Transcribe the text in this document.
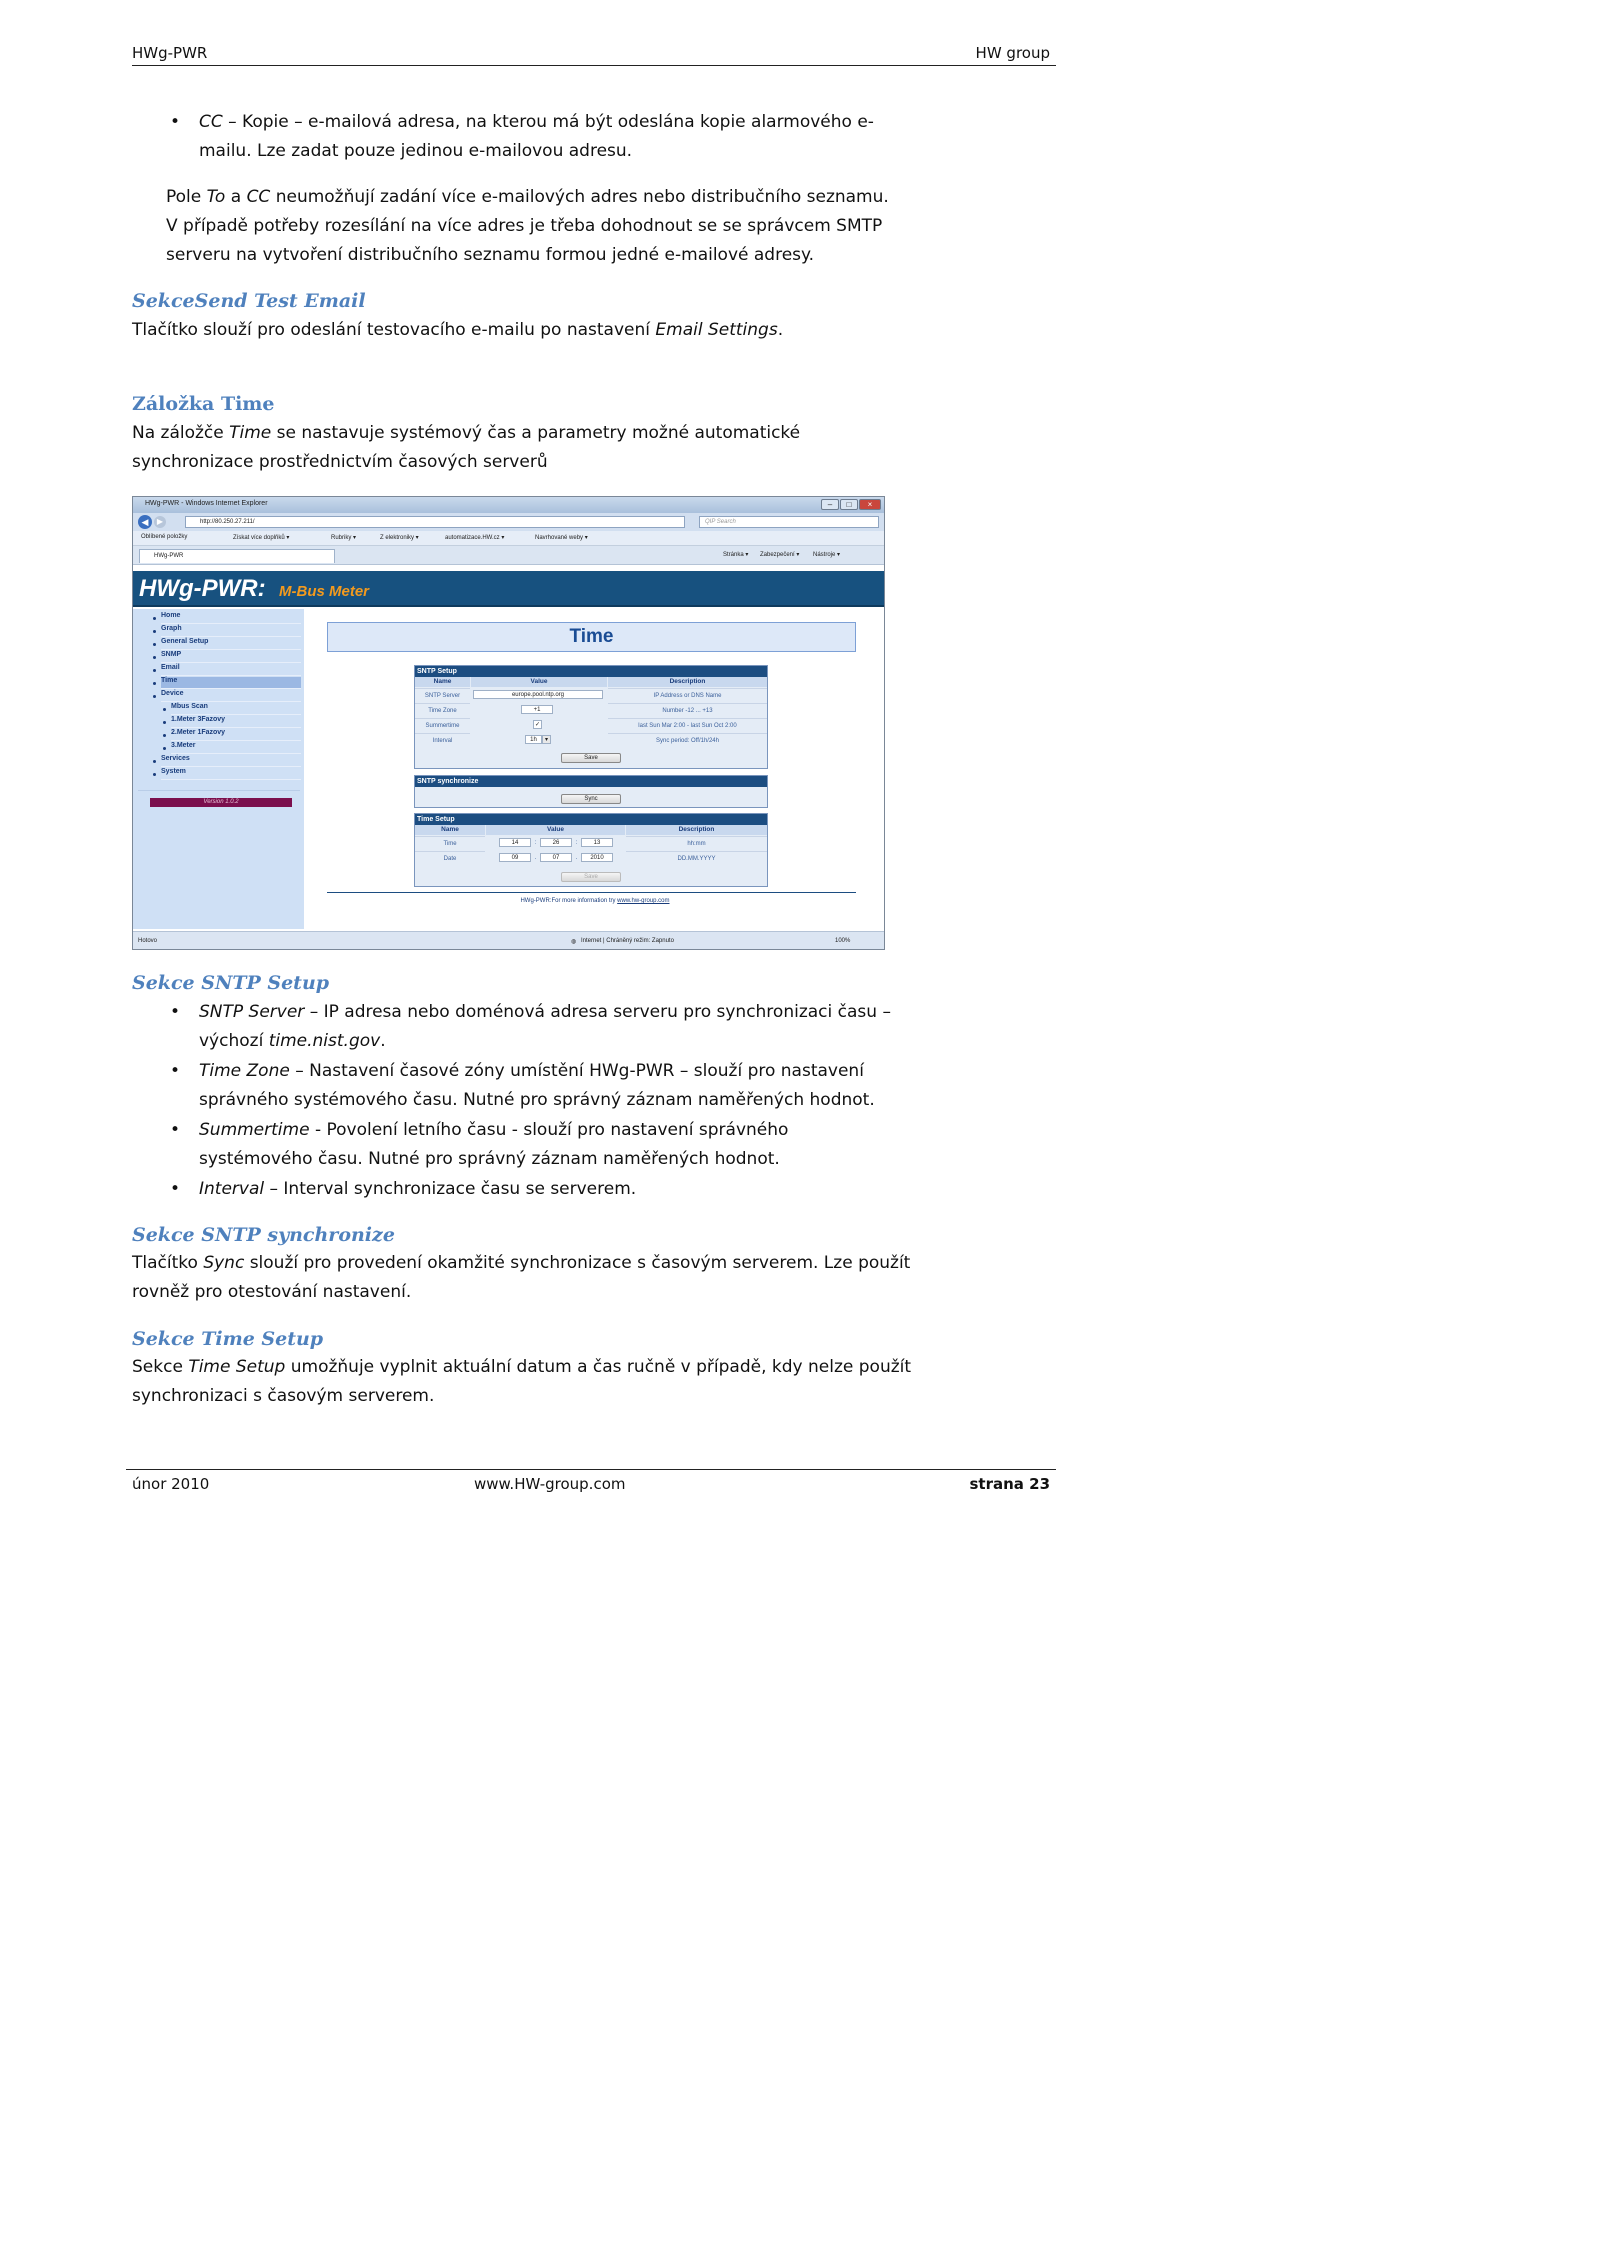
HWg-PWR	HW group
• CC – Kopie – e-mailová adresa, na kterou má být odeslána kopie alarmového e-
mailu. Lze zadat pouze jedinou e-mailovou adresu.
Pole To a CC neumožňují zadání více e-mailových adres nebo distribučního seznamu.
V případě potřeby rozesílání na více adres je třeba dohodnout se se správcem SMTP
serveru na vytvoření distribučního seznamu formou jedné e-mailové adresy.
SekceSend Test Email
Tlačítko slouží pro odeslání testovacího e-mailu po nastavení Email Settings.
Záložka Time
Na záložče Time se nastavuje systémový čas a parametry možné automatické
synchronizace prostřednictvím časových serverů
HWg-PWR - Windows Internet Explorer	–	□	×
◀	▶	http://80.250.27.211/	QIP Search
Oblíbené položky	Získat více doplňků ▾	Rubriky ▾	Z elektroniky ▾	automatizace.HW.cz ▾	Navrhované weby ▾
HWg-PWR	Stránka ▾ Zabezpečení ▾ Nástroje ▾
HWg-PWR: M-Bus Meter
Home
Graph
General Setup
SNMP
Email
Time
Device
Mbus Scan
1.Meter 3Fazovy
2.Meter 1Fazovy
3.Meter
Services
System
Version 1.0.2
Time
SNTP Setup
Name	Value	Description
SNTP Server	europe.pool.ntp.org	IP Address or DNS Name
Time Zone	+1	Number -12 ... +13
Summertime	✓	last Sun Mar 2:00 - last Sun Oct 2:00
Interval	1h	▾	Sync period: Off/1h/24h
Save
SNTP synchronize
Sync
Time Setup
Name	Value	Description
Time	14	:	26	:	13	hh:mm
Date	09	.	07	.	2010	DD.MM.YYYY
Save
HWg-PWR:For more information try www.hw-group.com
Hotovo	◍ Internet | Chráněný režim: Zapnuto	100%
Sekce SNTP Setup
• SNTP Server – IP adresa nebo doménová adresa serveru pro synchronizaci času –
výchozí time.nist.gov.
• Time Zone – Nastavení časové zóny umístění HWg-PWR – slouží pro nastavení
správného systémového času. Nutné pro správný záznam naměřených hodnot.
• Summertime - Povolení letního času - slouží pro nastavení správného
systémového času. Nutné pro správný záznam naměřených hodnot.
• Interval – Interval synchronizace času se serverem.
Sekce SNTP synchronize
Tlačítko Sync slouží pro provedení okamžité synchronizace s časovým serverem. Lze použít
rovněž pro otestování nastavení.
Sekce Time Setup
Sekce Time Setup umožňuje vyplnit aktuální datum a čas ručně v případě, kdy nelze použít
synchronizaci s časovým serverem.
únor 2010	www.HW-group.com	strana 23
